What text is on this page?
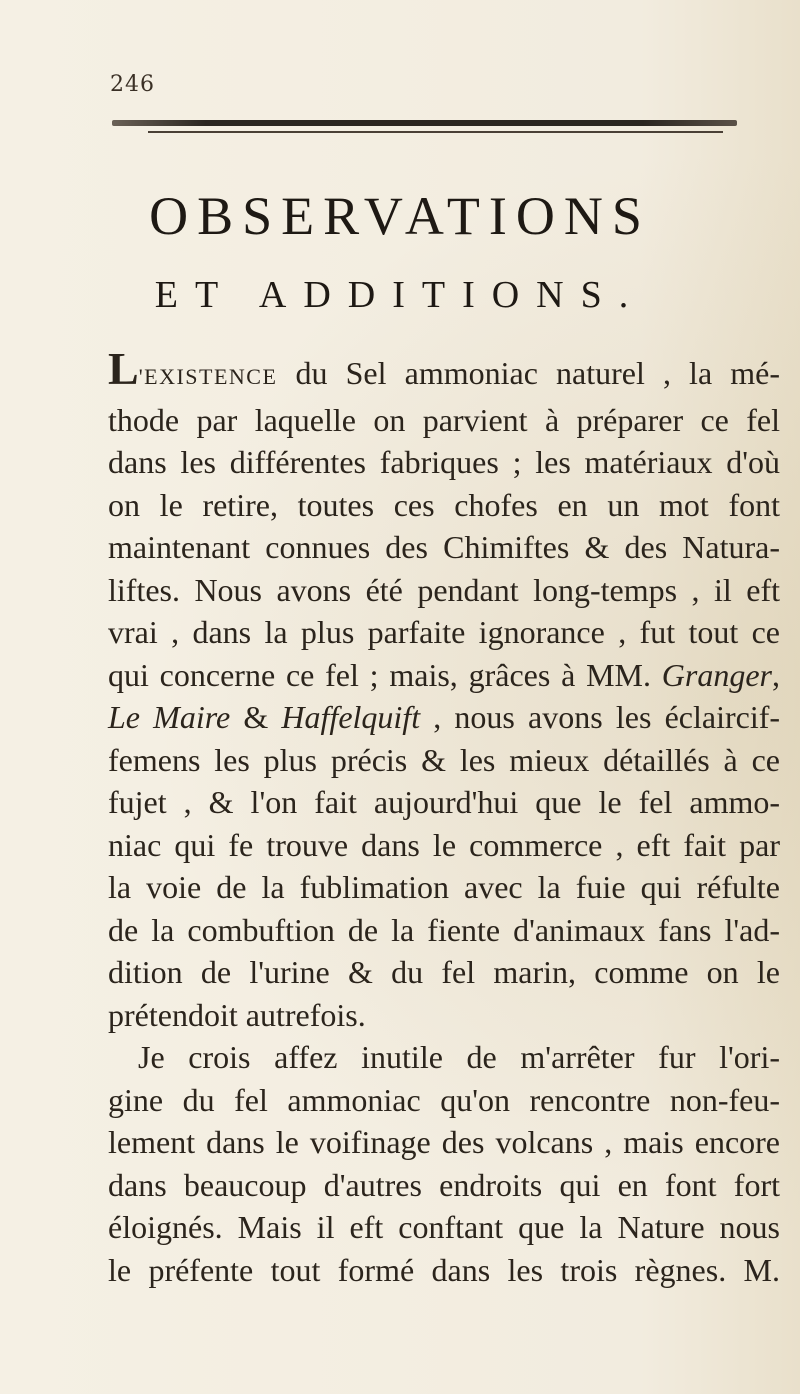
246
OBSERVATIONS
ET ADDITIONS.
L'EXISTENCE du Sel ammoniac naturel , la mé-
thode par laquelle on parvient à préparer ce fel
dans les différentes fabriques ; les matériaux d'où
on le retire, toutes ces chofes en un mot font
maintenant connues des Chimiftes & des Natura-
liftes. Nous avons été pendant long-temps , il eft
vrai , dans la plus parfaite ignorance , fut tout ce
qui concerne ce fel ; mais, grâces à MM. Granger,
Le Maire & Haffelquift , nous avons les éclaircif-
femens les plus précis & les mieux détaillés à ce
fujet , & l'on fait aujourd'hui que le fel ammo-
niac qui fe trouve dans le commerce , eft fait par
la voie de la fublimation avec la fuie qui réfulte
de la combuftion de la fiente d'animaux fans l'ad-
dition de l'urine & du fel marin, comme on le
prétendoit autrefois.
Je crois affez inutile de m'arrêter fur l'ori-
gine du fel ammoniac qu'on rencontre non-feu-
lement dans le voifinage des volcans , mais encore
dans beaucoup d'autres endroits qui en font fort
éloignés. Mais il eft conftant que la Nature nous
le préfente tout formé dans les trois règnes. M.
